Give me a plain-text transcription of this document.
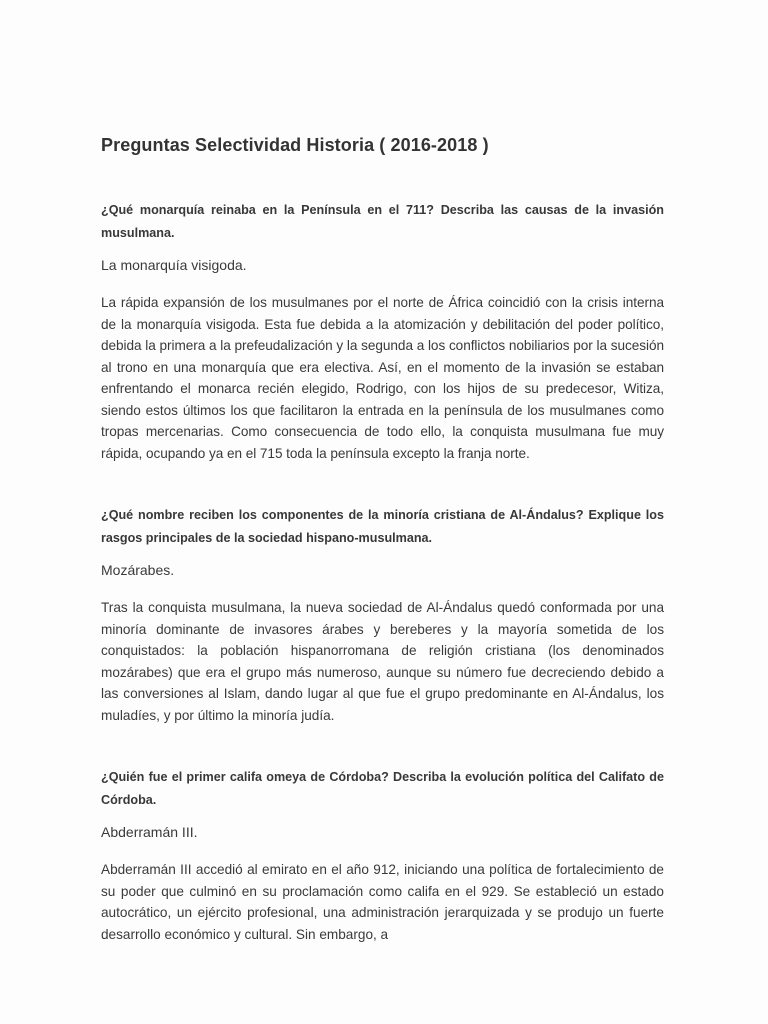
Preguntas Selectividad Historia ( 2016-2018 )

¿Qué monarquía reinaba en la Península en el 711? Describa las causas de la invasión musulmana.

La monarquía visigoda.

La rápida expansión de los musulmanes por el norte de África coincidió con la crisis interna de la monarquía visigoda. Esta fue debida a la atomización y debilitación del poder político, debida la primera a la prefeudalización y la segunda a los conflictos nobiliarios por la sucesión al trono en una monarquía que era electiva. Así, en el momento de la invasión se estaban enfrentando el monarca recién elegido, Rodrigo, con los hijos de su predecesor, Witiza, siendo estos últimos los que facilitaron la entrada en la península de los musulmanes como tropas mercenarias. Como consecuencia de todo ello, la conquista musulmana fue muy rápida, ocupando ya en el 715 toda la península excepto la franja norte.

¿Qué nombre reciben los componentes de la minoría cristiana de Al-Ándalus? Explique los rasgos principales de la sociedad hispano-musulmana.

Mozárabes.

Tras la conquista musulmana, la nueva sociedad de Al-Ándalus quedó conformada por una minoría dominante de invasores árabes y bereberes y la mayoría sometida de los conquistados: la población hispanorromana de religión cristiana (los denominados mozárabes) que era el grupo más numeroso, aunque su número fue decreciendo debido a las conversiones al Islam, dando lugar al que fue el grupo predominante en Al-Ándalus, los muladíes, y por último la minoría judía.

¿Quién fue el primer califa omeya de Córdoba? Describa la evolución política del Califato de Córdoba.

Abderramán III.

Abderramán III accedió al emirato en el año 912, iniciando una política de fortalecimiento de su poder que culminó en su proclamación como califa en el 929. Se estableció un estado autocrático, un ejército profesional, una administración jerarquizada y se produjo un fuerte desarrollo económico y cultural. Sin embargo, a
